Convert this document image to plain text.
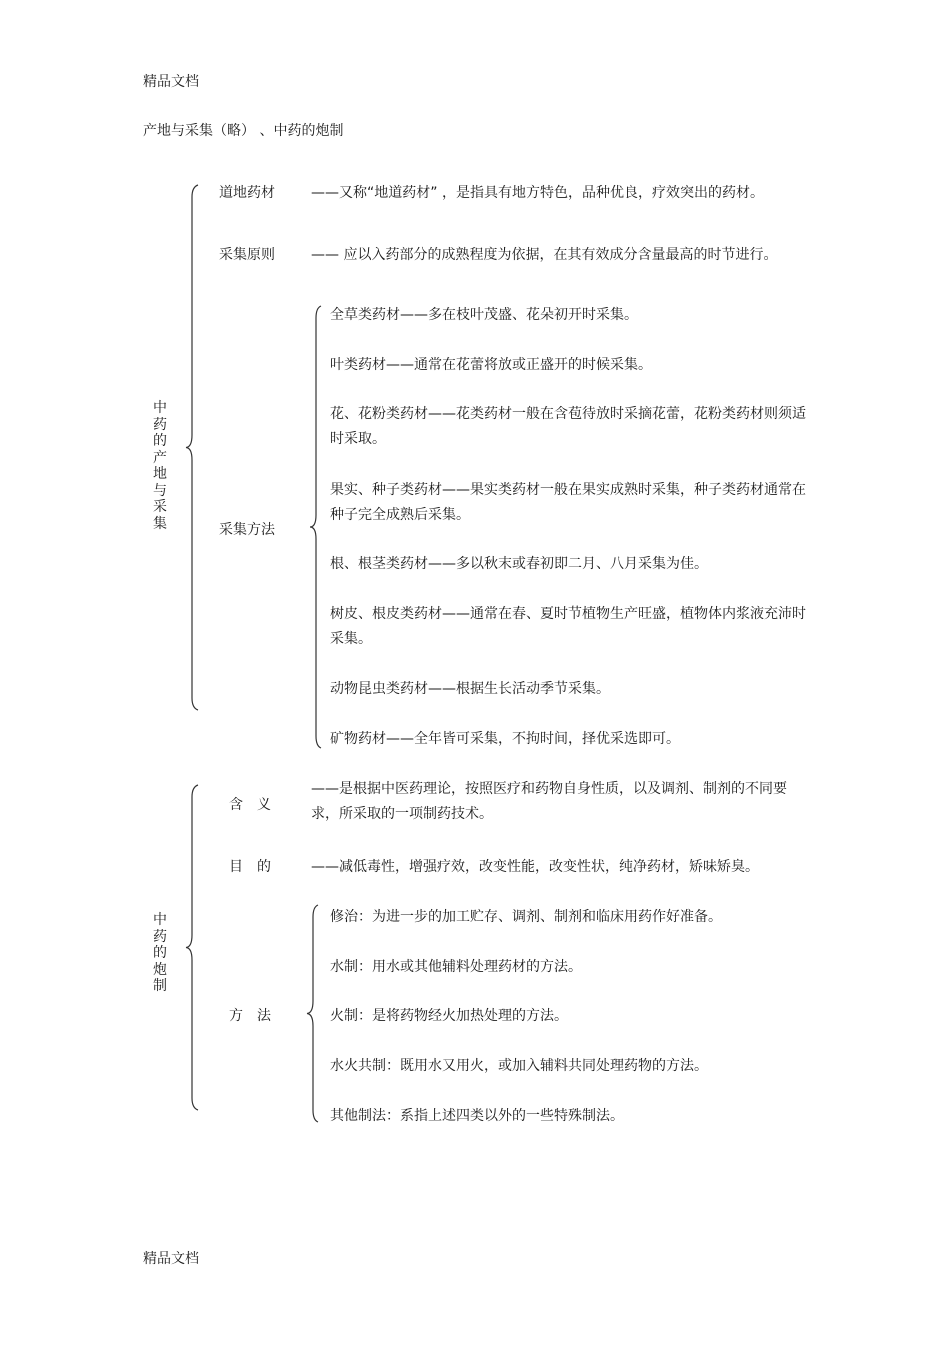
精品文档
产地与采集（略） 、中药的炮制
中药的产地与采集
道地药材	——又称“地道药材” ，是指具有地方特色，品种优良，疗效突出的药材。
采集原则	—— 应以入药部分的成熟程度为依据，在其有效成分含量最高的时节进行。
采集方法
全草类药材——多在枝叶茂盛、花朵初开时采集。
叶类药材——通常在花蕾将放或正盛开的时候采集。
花、花粉类药材——花类药材一般在含苞待放时采摘花蕾，花粉类药材则须适时采取。
果实、种子类药材——果实类药材一般在果实成熟时采集，种子类药材通常在种子完全成熟后采集。
根、根茎类药材——多以秋末或春初即二月、八月采集为佳。
树皮、根皮类药材——通常在春、夏时节植物生产旺盛，植物体内浆液充沛时采集。
动物昆虫类药材——根据生长活动季节采集。
矿物药材——全年皆可采集，不拘时间，择优采选即可。
中药的炮制
含　义
——是根据中医药理论，按照医疗和药物自身性质，以及调剂、制剂的不同要求，所采取的一项制药技术。
目　的	——减低毒性，增强疗效，改变性能，改变性状，纯净药材，矫味矫臭。
方　法
修治：为进一步的加工贮存、调剂、制剂和临床用药作好准备。
水制：用水或其他辅料处理药材的方法。
火制：是将药物经火加热处理的方法。
水火共制：既用水又用火，或加入辅料共同处理药物的方法。
其他制法：系指上述四类以外的一些特殊制法。
精品文档
